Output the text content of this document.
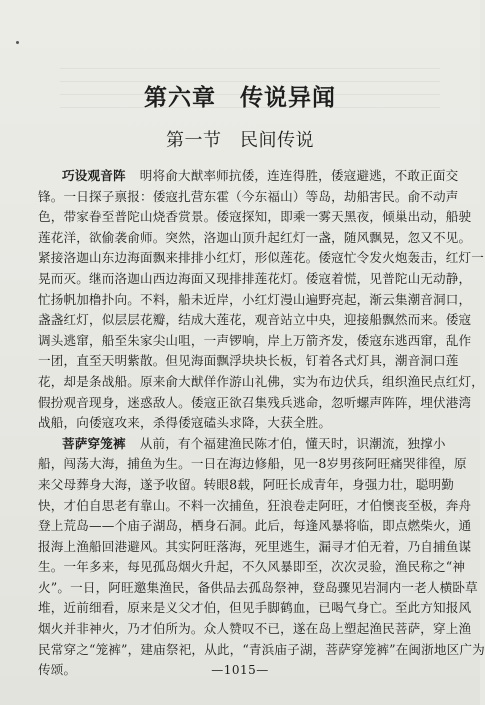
第六章　传说异闻
第一节　民间传说
巧设观音阵 明将俞大猷率师抗倭，连连得胜，倭寇避逃，不敢正面交
锋。一日探子禀报：倭寇扎营东霍（今东福山）等岛，劫船害民。俞不动声
色，带家眷至普陀山烧香赏景。倭寇探知，即乘一雾天黑夜，倾巢出动，船驶
莲花洋，欲偷袭俞师。突然，洛迦山顶升起红灯一盏，随风飘晃，忽又不见。
紧接洛迦山东边海面飘来排排小红灯，形似莲花。倭寇忙令发火炮轰击，红灯一
晃而灭。继而洛迦山西边海面又现排排莲花灯。倭寇着慌，见普陀山无动静，
忙扬帆加橹扑向。不料，船未近岸，小红灯漫山遍野亮起，渐云集潮音洞口，
盏盏红灯，似层层花瓣，结成大莲花，观音站立中央，迎接船飘然而来。倭寇
调头逃窜，船至朱家尖山咀，一声锣响，岸上万箭齐发，倭寇东逃西窜，乱作
一团，直至天明紫散。但见海面飘浮块块长板，钉着各式灯具，潮音洞口莲
花，却是条战船。原来俞大猷佯作游山礼佛，实为布边伏兵，组织渔民点红灯，
假扮观音现身，迷惑敌人。倭寇正欲召集残兵逃命，忽听螺声阵阵，埋伏港湾
战船，向倭寇攻来，杀得倭寇磕头求降，大获全胜。
菩萨穿笼裤 从前，有个福建渔民陈才伯，懂天时，识潮流，独撑小
船，闯荡大海，捕鱼为生。一日在海边修船，见一8岁男孩阿旺痛哭徘徨，原
来父母葬身大海，遂予收留。转眼8载，阿旺长成青年，身强力壮，聪明勤
快，才伯自思老有靠山。不料一次捕鱼，狂浪卷走阿旺，才伯懊丧至极，奔舟
登上荒岛——个庙子湖岛，栖身石洞。此后，每逢风暴将临，即点燃柴火，通
报海上渔船回港避风。其实阿旺落海，死里逃生，漏寻才伯无着，乃自捕鱼谋
生。一年多来，每见孤岛烟火升起，不久风暴即至，次次灵验，渔民称之“神
火”。一日，阿旺邀集渔民，备供品去孤岛祭神，登岛骤见岩洞内一老人横卧草
堆，近前细看，原来是义父才伯，但见手脚鹤血，已喝气身亡。至此方知报风
烟火并非神火，乃才伯所为。众人赞叹不已，遂在岛上塑起渔民菩萨，穿上渔
民常穿之“笼裤”，建庙祭祀，从此，“青浜庙子湖，菩萨穿笼裤”在闽浙地区广为
传颂。	—1015—
